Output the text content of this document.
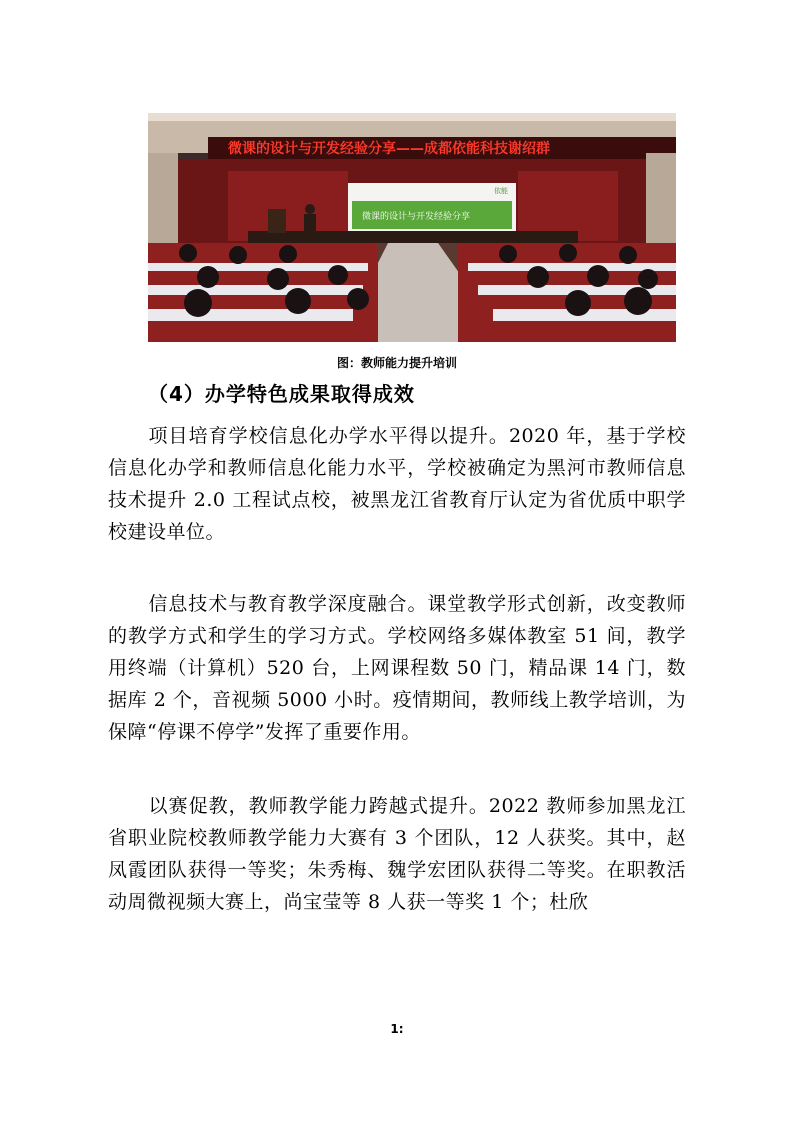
微课的设计与开发经验分享——成都依能科技谢绍群
微课的设计与开发经验分享
依能
图：教师能力提升培训
（4）办学特色成果取得成效
项目培育学校信息化办学水平得以提升。2020 年，基于学校信息化办学和教师信息化能力水平，学校被确定为黑河市教师信息技术提升 2.0 工程试点校，被黑龙江省教育厅认定为省优质中职学校建设单位。
信息技术与教育教学深度融合。课堂教学形式创新，改变教师的教学方式和学生的学习方式。学校网络多媒体教室 51 间，教学用终端（计算机）520 台，上网课程数 50 门，精品课 14 门，数据库 2 个，音视频 5000 小时。疫情期间，教师线上教学培训，为保障“停课不停学”发挥了重要作用。
以赛促教，教师教学能力跨越式提升。2022 教师参加黑龙江省职业院校教师教学能力大赛有 3 个团队，12 人获奖。其中，赵凤霞团队获得一等奖；朱秀梅、魏学宏团队获得二等奖。在职教活动周微视频大赛上，尚宝莹等 8 人获一等奖 1 个；杜欣
1:
